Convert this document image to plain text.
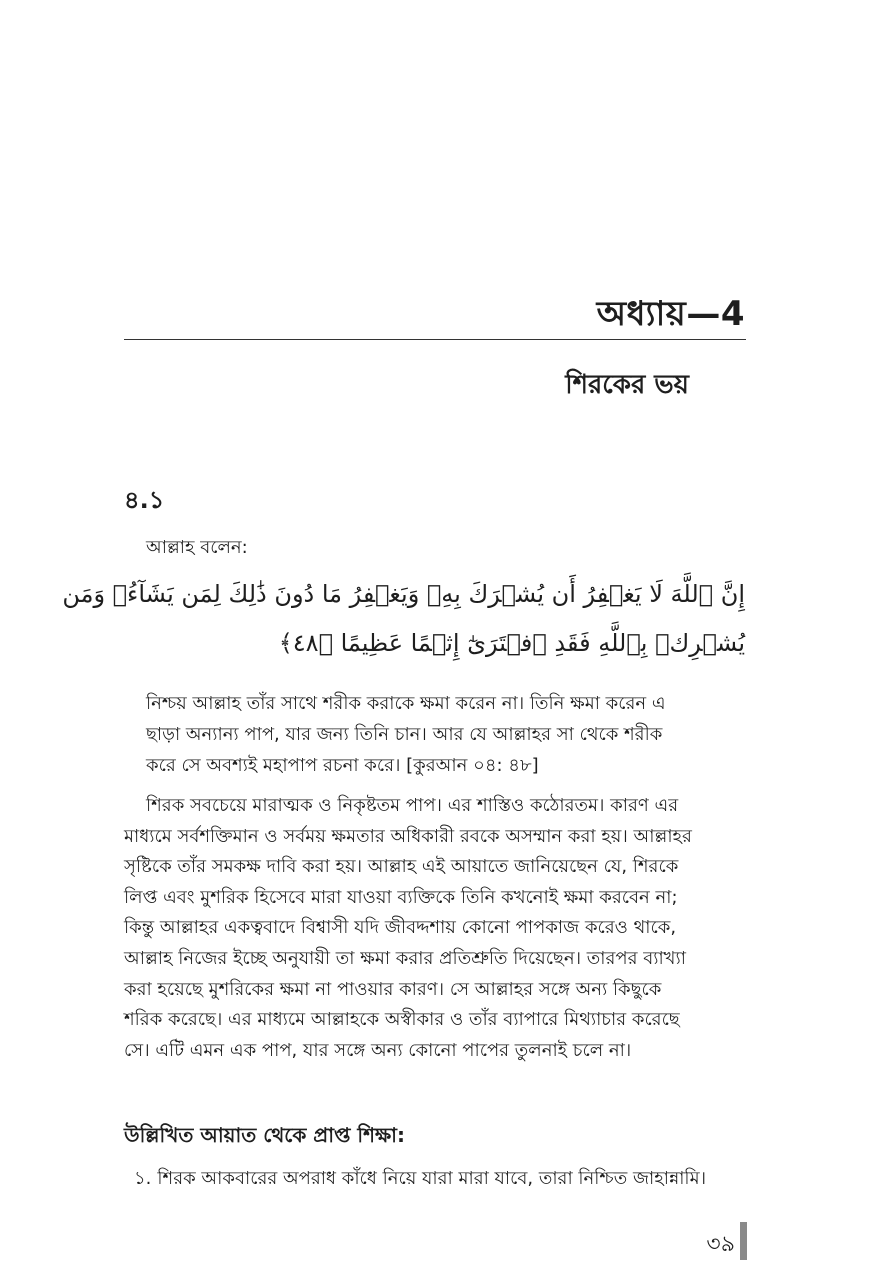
অধ্যায়—4
শিরকের ভয়
৪.১
আল্লাহ বলেন:
إِنَّ ٱللَّهَ لَا يَغۡفِرُ أَن يُشۡرَكَ بِهِۦ وَيَغۡفِرُ مَا دُونَ ذَٰلِكَ لِمَن يَشَآءُۚ وَمَن
يُشۡرِكۡ بِٱللَّهِ فَقَدِ ٱفۡتَرَىٰٓ إِثۡمًا عَظِيمًا ﴿٤٨﴾
নিশ্চয় আল্লাহ তাঁর সাথে শরীক করাকে ক্ষমা করেন না। তিনি ক্ষমা করেন এ
ছাড়া অন্যান্য পাপ, যার জন্য তিনি চান। আর যে আল্লাহর সা থেকে শরীক
করে সে অবশ্যই মহাপাপ রচনা করে। [কুরআন ০৪: ৪৮]
শিরক সবচেয়ে মারাত্মক ও নিকৃষ্টতম পাপ। এর শাস্তিও কঠোরতম। কারণ এর
মাধ্যমে সর্বশক্তিমান ও সর্বময় ক্ষমতার অধিকারী রবকে অসম্মান করা হয়। আল্লাহর
সৃষ্টিকে তাঁর সমকক্ষ দাবি করা হয়। আল্লাহ এই আয়াতে জানিয়েছেন যে, শিরকে
লিপ্ত এবং মুশরিক হিসেবে মারা যাওয়া ব্যক্তিকে তিনি কখনোই ক্ষমা করবেন না;
কিন্তু আল্লাহর একত্ববাদে বিশ্বাসী যদি জীবদ্দশায় কোনো পাপকাজ করেও থাকে,
আল্লাহ নিজের ইচ্ছে অনুযায়ী তা ক্ষমা করার প্রতিশ্রুতি দিয়েছেন। তারপর ব্যাখ্যা
করা হয়েছে মুশরিকের ক্ষমা না পাওয়ার কারণ। সে আল্লাহর সঙ্গে অন্য কিছুকে
শরিক করেছে। এর মাধ্যমে আল্লাহকে অস্বীকার ও তাঁর ব্যাপারে মিথ্যাচার করেছে
সে। এটি এমন এক পাপ, যার সঙ্গে অন্য কোনো পাপের তুলনাই চলে না।
উল্লিখিত আয়াত থেকে প্রাপ্ত শিক্ষা:
১. শিরক আকবারের অপরাধ কাঁধে নিয়ে যারা মারা যাবে, তারা নিশ্চিত জাহান্নামি।
৩৯
